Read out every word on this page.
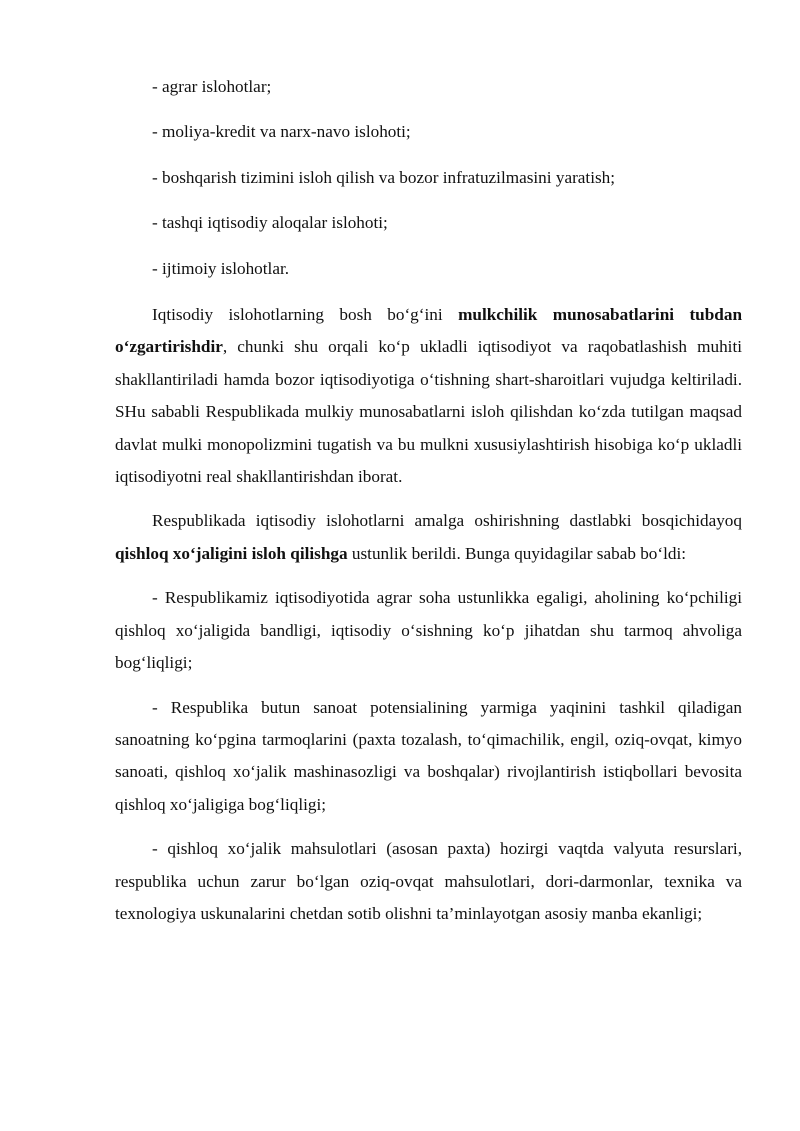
- agrar islohotlar;

- moliya-kredit va narx-navo islohoti;

- boshqarish tizimini isloh qilish va bozor infratuzilmasini yaratish;

- tashqi iqtisodiy aloqalar islohoti;

- ijtimoiy islohotlar.

Iqtisodiy islohotlarning bosh bo‘g‘ini mulkchilik munosabatlarini tubdan o‘zgartirishdir, chunki shu orqali ko‘p ukladli iqtisodiyot va raqobatlashish muhiti shakllantiriladi hamda bozor iqtisodiyotiga o‘tishning shart-sharoitlari vujudga keltiriladi. SHu sababli Respublikada mulkiy munosabatlarni isloh qilishdan ko‘zda tutilgan maqsad davlat mulki monopolizmini tugatish va bu mulkni xususiylashtirish hisobiga ko‘p ukladli iqtisodiyotni real shakllantirishdan iborat.

Respublikada iqtisodiy islohotlarni amalga oshirishning dastlabki bosqichidayoq qishloq xo‘jaligini isloh qilishga ustunlik berildi. Bunga quyidagilar sabab bo‘ldi:

- Respublikamiz iqtisodiyotida agrar soha ustunlikka egaligi, aholining ko‘pchiligi qishloq xo‘jaligida bandligi, iqtisodiy o‘sishning ko‘p jihatdan shu tarmoq ahvoliga bog‘liqligi;

- Respublika butun sanoat potensialining yarmiga yaqinini tashkil qiladigan sanoatning ko‘pgina tarmoqlarini (paxta tozalash, to‘qimachilik, engil, oziq-ovqat, kimyo sanoati, qishloq xo‘jalik mashinasozligi va boshqalar) rivojlantirish istiqbollari bevosita qishloq xo‘jaligiga bog‘liqligi;

- qishloq xo‘jalik mahsulotlari (asosan paxta) hozirgi vaqtda valyuta resurslari, respublika uchun zarur bo‘lgan oziq-ovqat mahsulotlari, dori-darmonlar, texnika va texnologiya uskunalarini chetdan sotib olishni ta’minlayotgan asosiy manba ekanligi;
